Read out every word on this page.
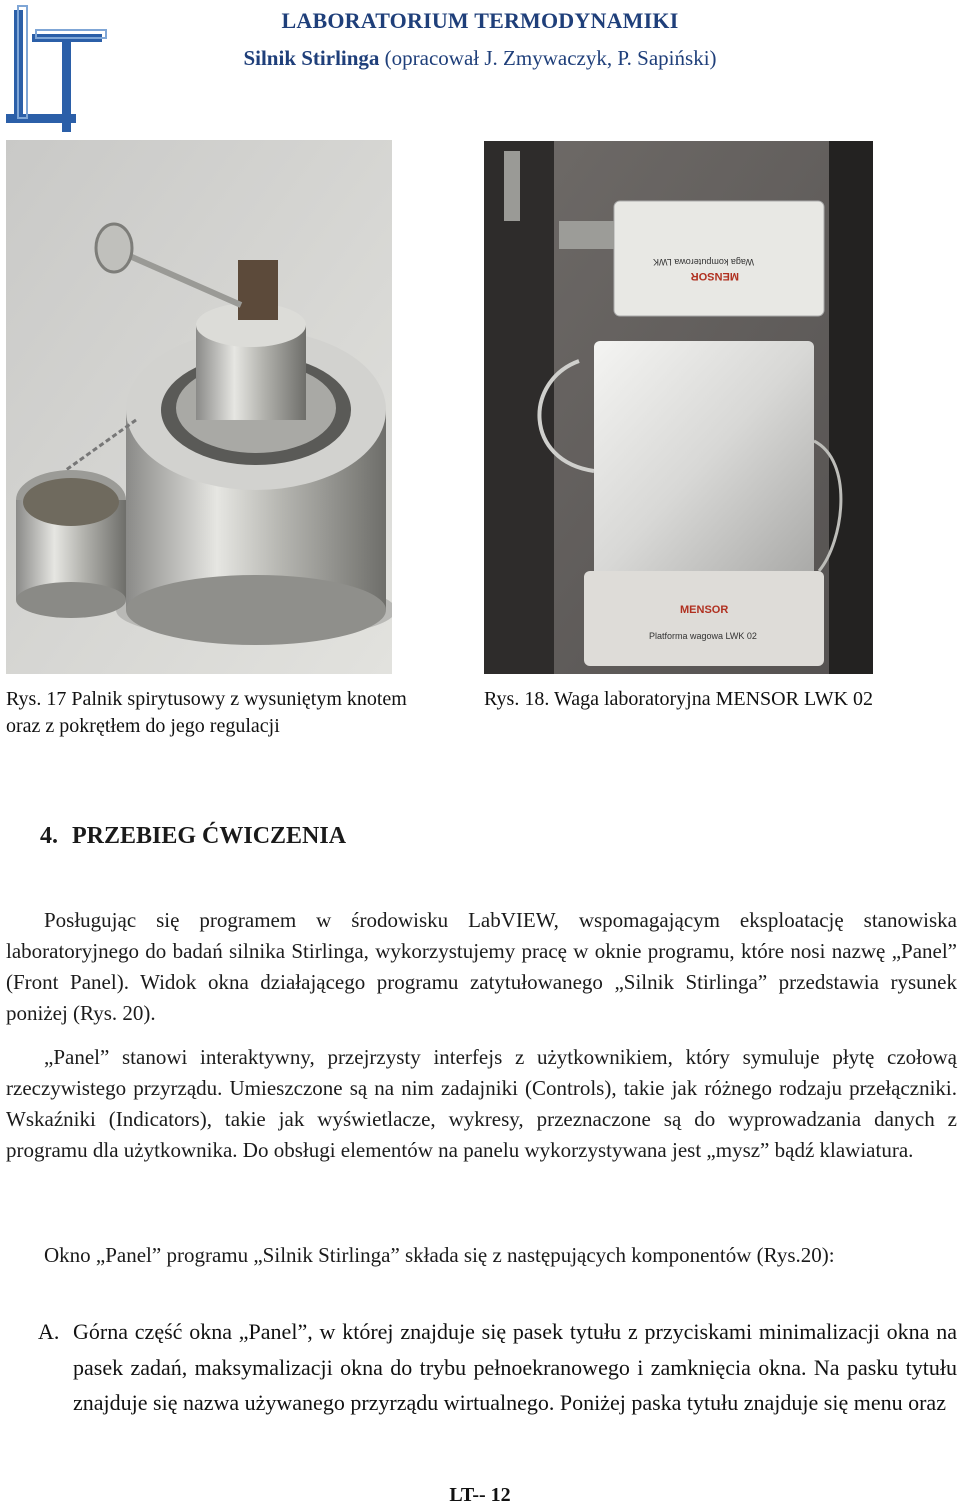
LABORATORIUM TERMODYNAMIKI
Silnik Stirlinga (opracował J. Zmywaczyk, P. Sapiński)
Waga komputerowa LWK
MENSOR
MENSOR
Platforma wagowa LWK 02
Rys. 17 Palnik spirytusowy z wysuniętym knotem oraz z pokrętłem do jego regulacji
Rys. 18. Waga laboratoryjna MENSOR LWK 02
4. PRZEBIEG ĆWICZENIA
Posługując się programem w środowisku LabVIEW, wspomagającym eksploatację stanowiska laboratoryjnego do badań silnika Stirlinga, wykorzystujemy pracę w oknie programu, które nosi nazwę „Panel” (Front Panel). Widok okna działającego programu zatytułowanego „Silnik Stirlinga” przedstawia rysunek poniżej (Rys. 20).
„Panel” stanowi interaktywny, przejrzysty interfejs z użytkownikiem, który symuluje płytę czołową rzeczywistego przyrządu. Umieszczone są na nim zadajniki (Controls), takie jak różnego rodzaju przełączniki. Wskaźniki (Indicators), takie jak wyświetlacze, wykresy, przeznaczone są do wyprowadzania danych z programu dla użytkownika. Do obsługi elementów na panelu wykorzystywana jest „mysz” bądź klawiatura.
Okno „Panel” programu „Silnik Stirlinga” składa się z następujących komponentów (Rys.20):
A. Górna część okna „Panel”, w której znajduje się pasek tytułu z przyciskami minimalizacji okna na pasek zadań, maksymalizacji okna do trybu pełnoekranowego i zamknięcia okna. Na pasku tytułu znajduje się nazwa używanego przyrządu wirtualnego. Poniżej paska tytułu znajduje się menu oraz
LT-- 12
